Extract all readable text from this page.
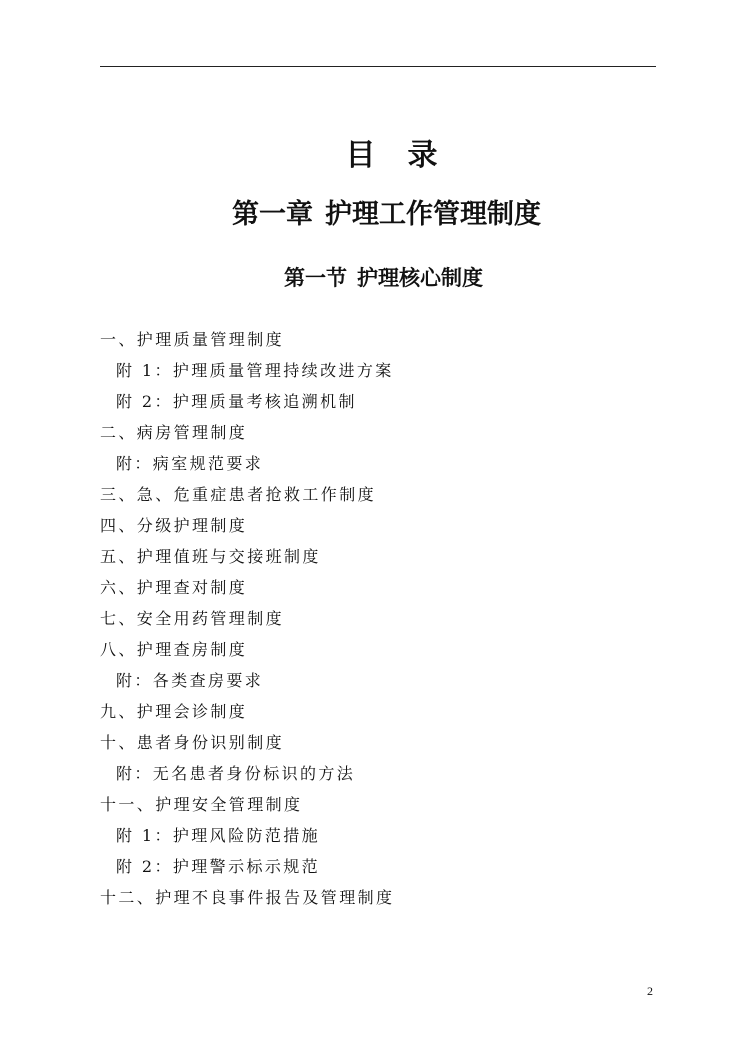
目 录
第一章 护理工作管理制度
第一节 护理核心制度
一、护理质量管理制度
附 1：护理质量管理持续改进方案
附 2：护理质量考核追溯机制
二、病房管理制度
附：病室规范要求
三、急、危重症患者抢救工作制度
四、分级护理制度
五、护理值班与交接班制度
六、护理查对制度
七、安全用药管理制度
八、护理查房制度
附：各类查房要求
九、护理会诊制度
十、患者身份识别制度
附：无名患者身份标识的方法
十一、护理安全管理制度
附 1：护理风险防范措施
附 2：护理警示标示规范
十二、护理不良事件报告及管理制度
2
